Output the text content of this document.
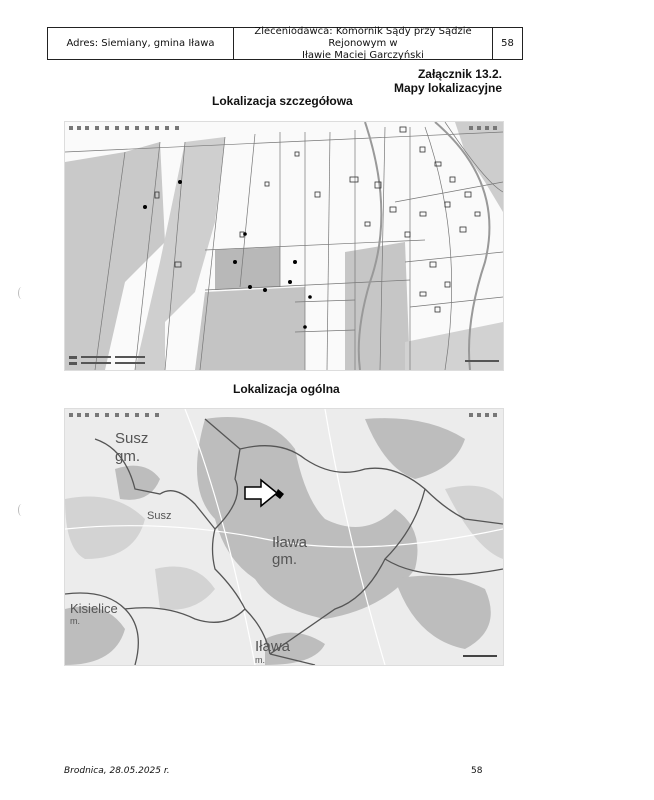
Adres: Siemiany, gmina Iława
Zleceniodawca: Komornik Sądy przy Sądzie Rejonowym w
Iławie Maciej Garczyński
58
Załącznik 13.2.
Mapy lokalizacyjne
Lokalizacja szczegółowa
Lokalizacja ogólna
Susz
gm.
Susz
Iława
gm.
Kisielice
m.
Iława
m.
Brodnica, 28.05.2025 r.	58
